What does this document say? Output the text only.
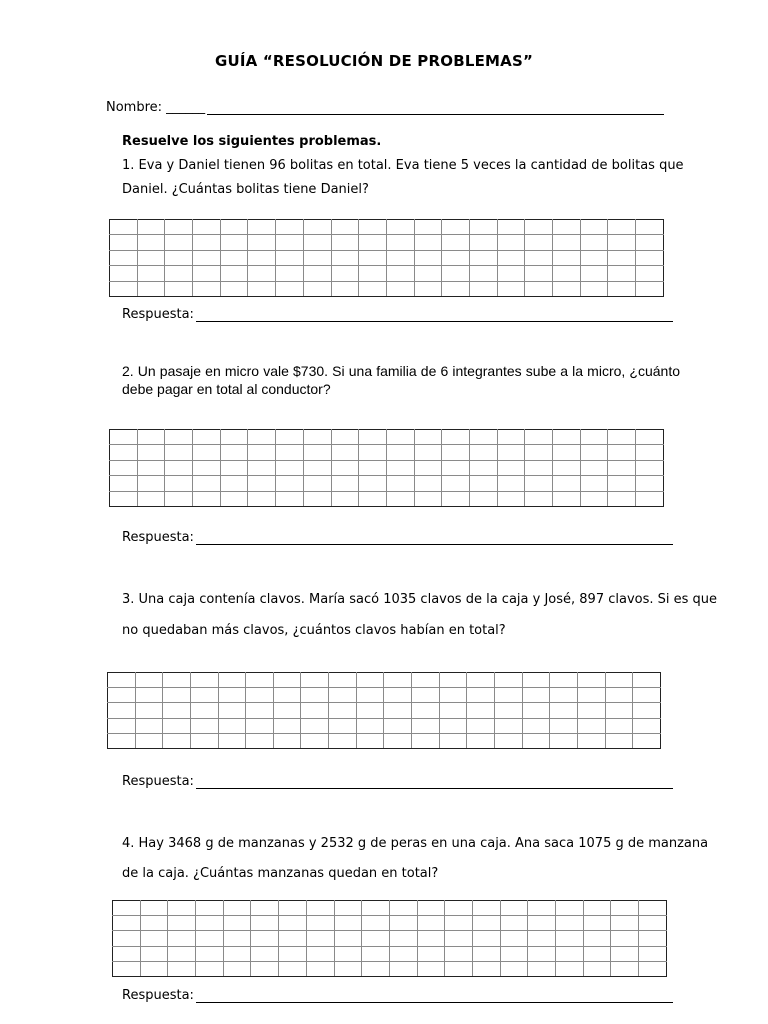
GUÍA “RESOLUCIÓN DE PROBLEMAS”
Nombre: ______
Resuelve los siguientes problemas.
1. Eva y Daniel tienen 96 bolitas en total. Eva tiene 5 veces la cantidad de bolitas que
Daniel. ¿Cuántas bolitas tiene Daniel?
Respuesta:
2. Un pasaje en micro vale $730. Si una familia de 6 integrantes sube a la micro, ¿cuánto debe pagar en total al conductor?
Respuesta:
3. Una caja contenía clavos. María sacó 1035 clavos de la caja y José, 897 clavos. Si es que
no quedaban más clavos, ¿cuántos clavos habían en total?
Respuesta:
4. Hay 3468 g de manzanas y 2532 g de peras en una caja. Ana saca 1075 g de manzana
de la caja. ¿Cuántas manzanas quedan en total?
Respuesta:
